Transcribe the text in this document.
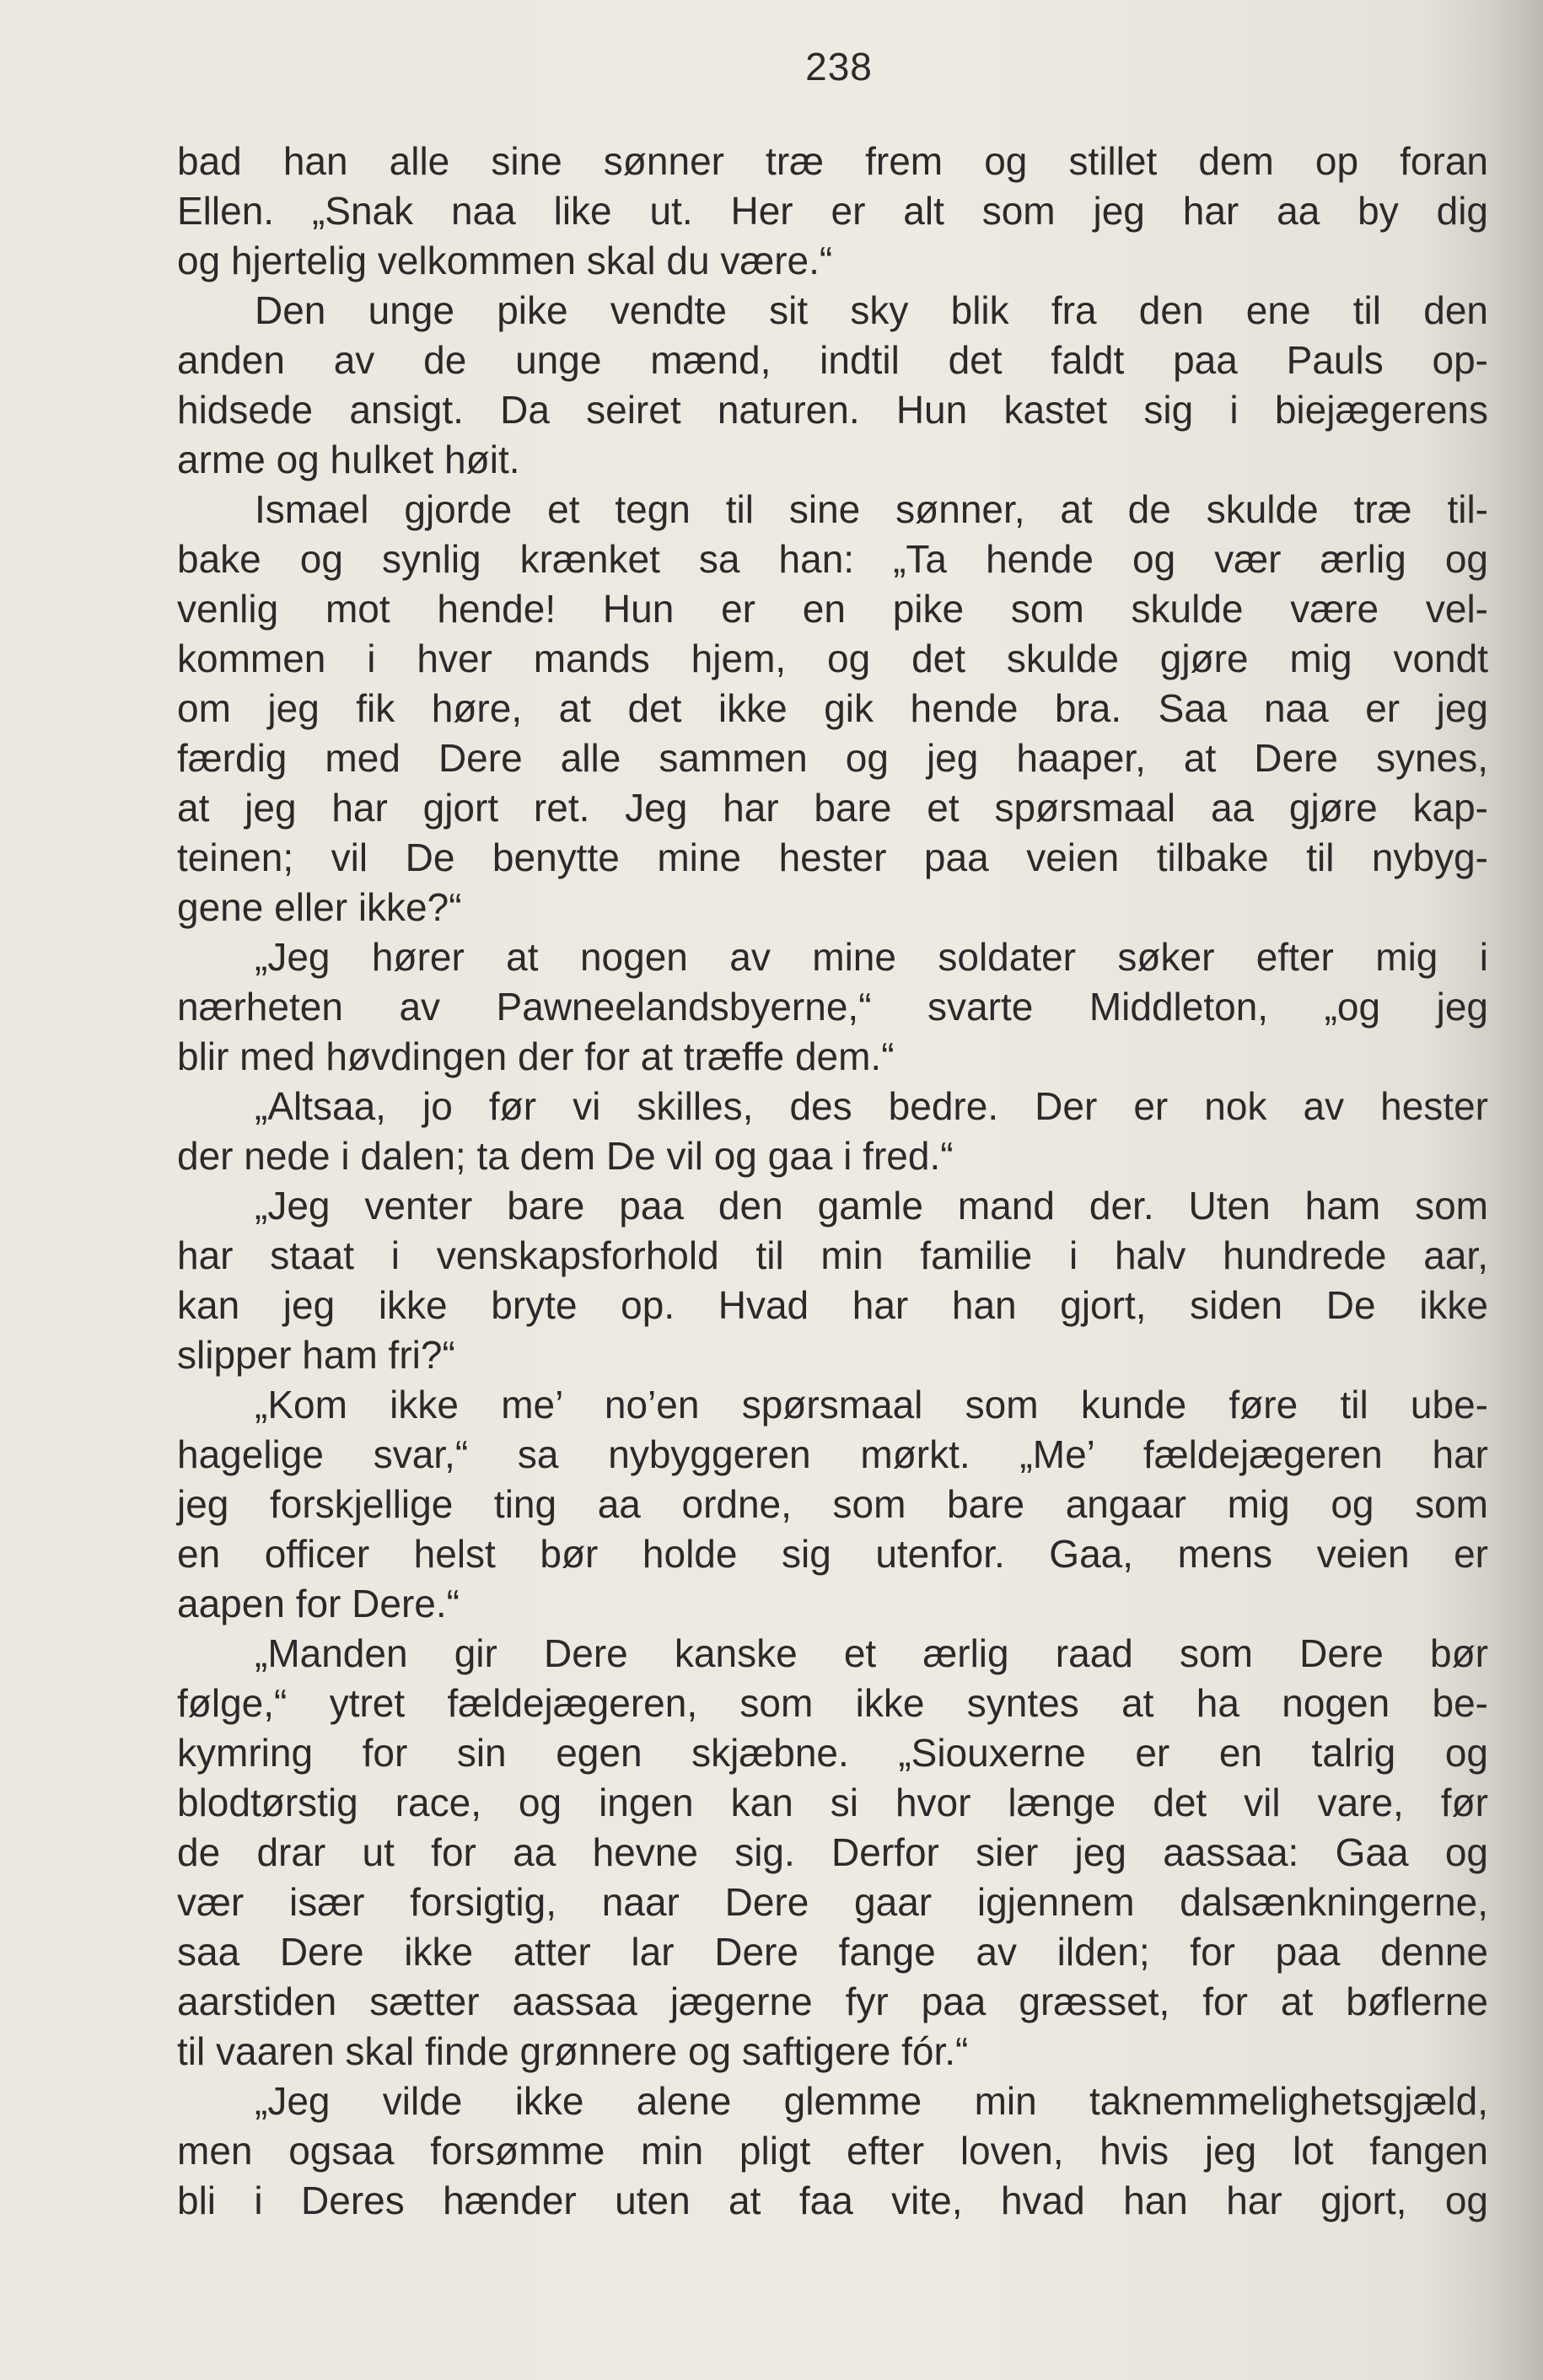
238
bad han alle sine sønner træ frem og stillet dem op foran
Ellen. „Snak naa like ut. Her er alt som jeg har aa by dig
og hjertelig velkommen skal du være.“
Den unge pike vendte sit sky blik fra den ene til den
anden av de unge mænd, indtil det faldt paa Pauls op-
hidsede ansigt. Da seiret naturen. Hun kastet sig i biejægerens
arme og hulket høit.
Ismael gjorde et tegn til sine sønner, at de skulde træ til-
bake og synlig krænket sa han: „Ta hende og vær ærlig og
venlig mot hende! Hun er en pike som skulde være vel-
kommen i hver mands hjem, og det skulde gjøre mig vondt
om jeg fik høre, at det ikke gik hende bra. Saa naa er jeg
færdig med Dere alle sammen og jeg haaper, at Dere synes,
at jeg har gjort ret. Jeg har bare et spørsmaal aa gjøre kap-
teinen; vil De benytte mine hester paa veien tilbake til nybyg-
gene eller ikke?“
„Jeg hører at nogen av mine soldater søker efter mig i
nærheten av Pawneelandsbyerne,“ svarte Middleton, „og jeg
blir med høvdingen der for at træffe dem.“
„Altsaa, jo før vi skilles, des bedre. Der er nok av hester
der nede i dalen; ta dem De vil og gaa i fred.“
„Jeg venter bare paa den gamle mand der. Uten ham som
har staat i venskapsforhold til min familie i halv hundrede aar,
kan jeg ikke bryte op. Hvad har han gjort, siden De ikke
slipper ham fri?“
„Kom ikke me’ no’en spørsmaal som kunde føre til ube-
hagelige svar,“ sa nybyggeren mørkt. „Me’ fældejægeren har
jeg forskjellige ting aa ordne, som bare angaar mig og som
en officer helst bør holde sig utenfor. Gaa, mens veien er
aapen for Dere.“
„Manden gir Dere kanske et ærlig raad som Dere bør
følge,“ ytret fældejægeren, som ikke syntes at ha nogen be-
kymring for sin egen skjæbne. „Siouxerne er en talrig og
blodtørstig race, og ingen kan si hvor længe det vil vare, før
de drar ut for aa hevne sig. Derfor sier jeg aassaa: Gaa og
vær især forsigtig, naar Dere gaar igjennem dalsænkningerne,
saa Dere ikke atter lar Dere fange av ilden; for paa denne
aarstiden sætter aassaa jægerne fyr paa græsset, for at bøflerne
til vaaren skal finde grønnere og saftigere fór.“
„Jeg vilde ikke alene glemme min taknemmelighetsgjæld,
men ogsaa forsømme min pligt efter loven, hvis jeg lot fangen
bli i Deres hænder uten at faa vite, hvad han har gjort, og
